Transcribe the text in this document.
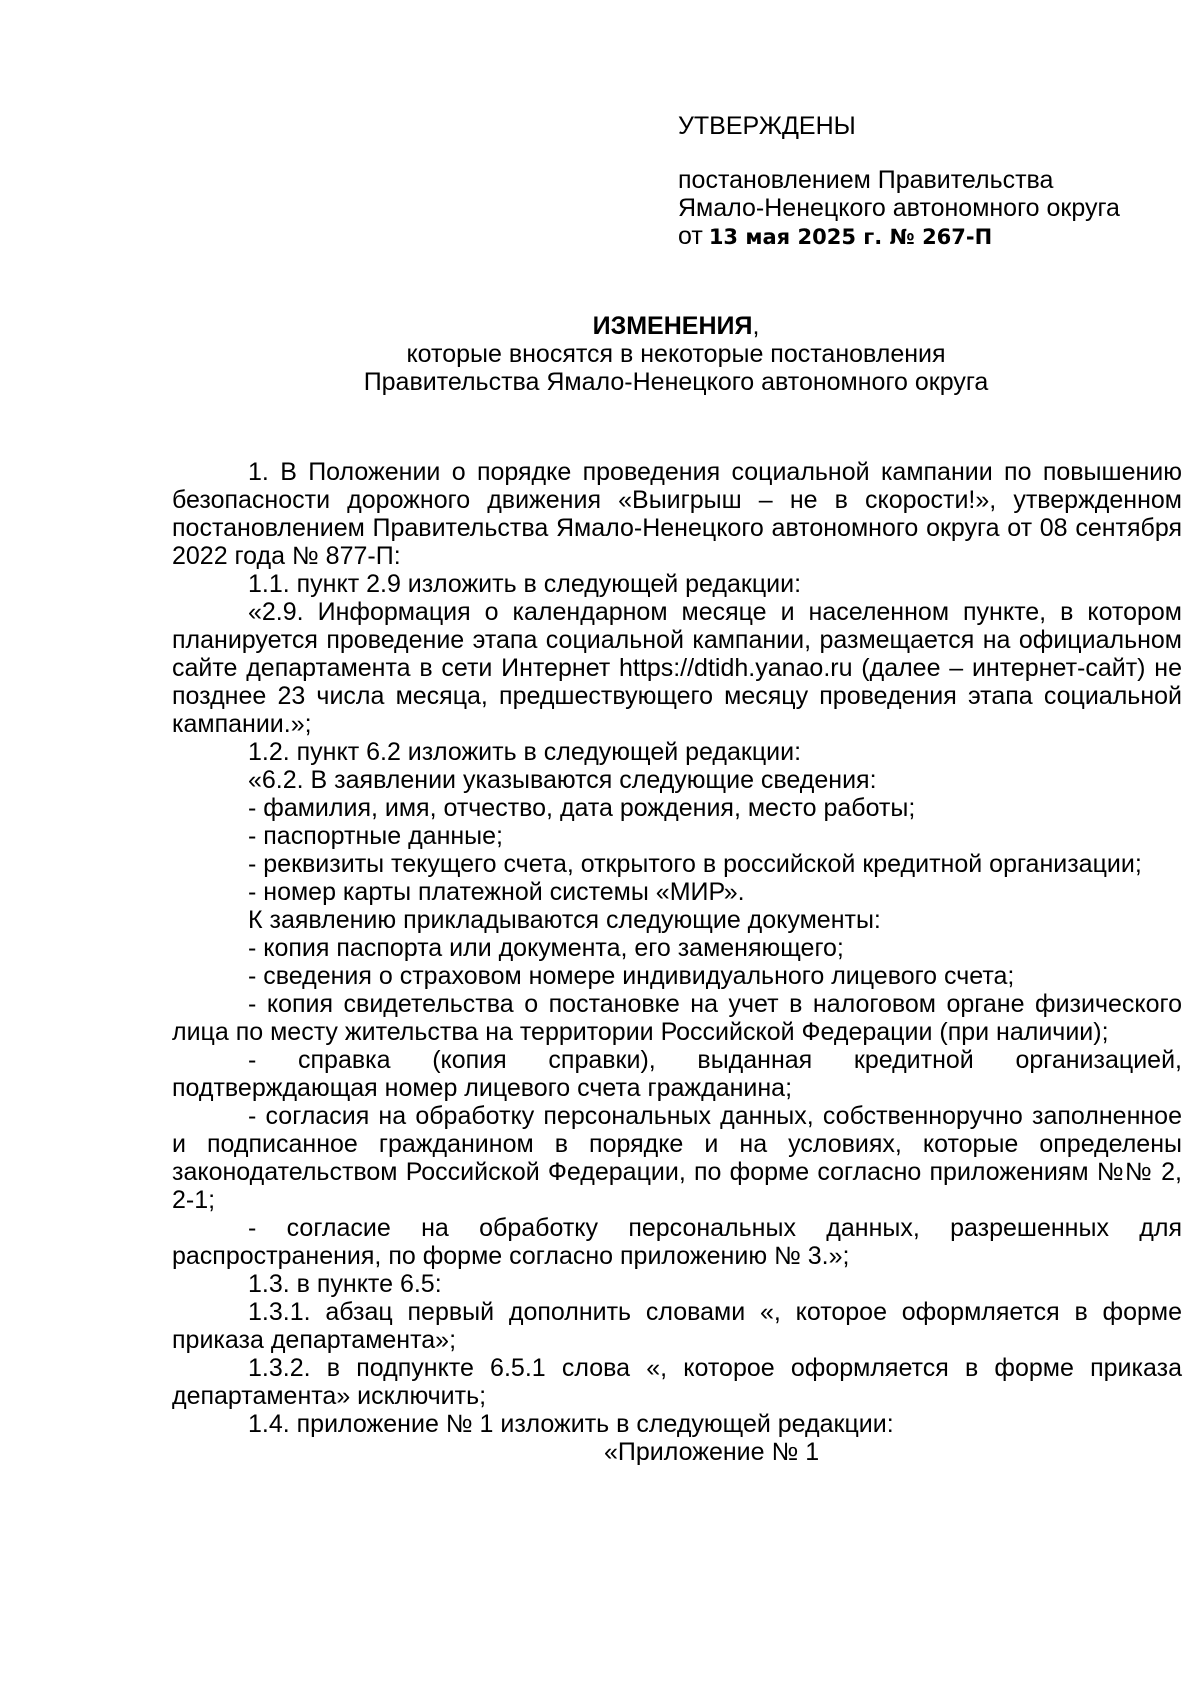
УТВЕРЖДЕНЫ

постановлением Правительства

Ямало-Ненецкого автономного округа

от 13 мая 2025 г. № 267-П

ИЗМЕНЕНИЯ,
которые вносятся в некоторые постановления
Правительства Ямало-Ненецкого автономного округа

1. В Положении о порядке проведения социальной кампании по повышению безопасности дорожного движения «Выигрыш – не в скорости!», утвержденном постановлением Правительства Ямало-Ненецкого автономного округа от 08 сентября 2022 года № 877-П:

1.1. пункт 2.9 изложить в следующей редакции:

«2.9. Информация о календарном месяце и населенном пункте, в котором планируется проведение этапа социальной кампании, размещается на официальном сайте департамента в сети Интернет https://dtidh.yanao.ru (далее – интернет-сайт) не позднее 23 числа месяца, предшествующего месяцу проведения этапа социальной кампании.»;

1.2. пункт 6.2 изложить в следующей редакции:

«6.2. В заявлении указываются следующие сведения:

- фамилия, имя, отчество, дата рождения, место работы;

- паспортные данные;

- реквизиты текущего счета, открытого в российской кредитной организации;

- номер карты платежной системы «МИР».

К заявлению прикладываются следующие документы:

- копия паспорта или документа, его заменяющего;

- сведения о страховом номере индивидуального лицевого счета;

- копия свидетельства о постановке на учет в налоговом органе физического лица по месту жительства на территории Российской Федерации (при наличии);

- справка (копия справки), выданная кредитной организацией, подтверждающая номер лицевого счета гражданина;

- согласия на обработку персональных данных, собственноручно заполненное и подписанное гражданином в порядке и на условиях, которые определены законодательством Российской Федерации, по форме согласно приложениям №№ 2, 2-1;

- согласие на обработку персональных данных, разрешенных для распространения, по форме согласно приложению № 3.»;

1.3. в пункте 6.5:

1.3.1. абзац первый дополнить словами «, которое оформляется в форме приказа департамента»;

1.3.2. в подпункте 6.5.1 слова «, которое оформляется в форме приказа департамента» исключить;

1.4. приложение № 1 изложить в следующей редакции:

«Приложение № 1
